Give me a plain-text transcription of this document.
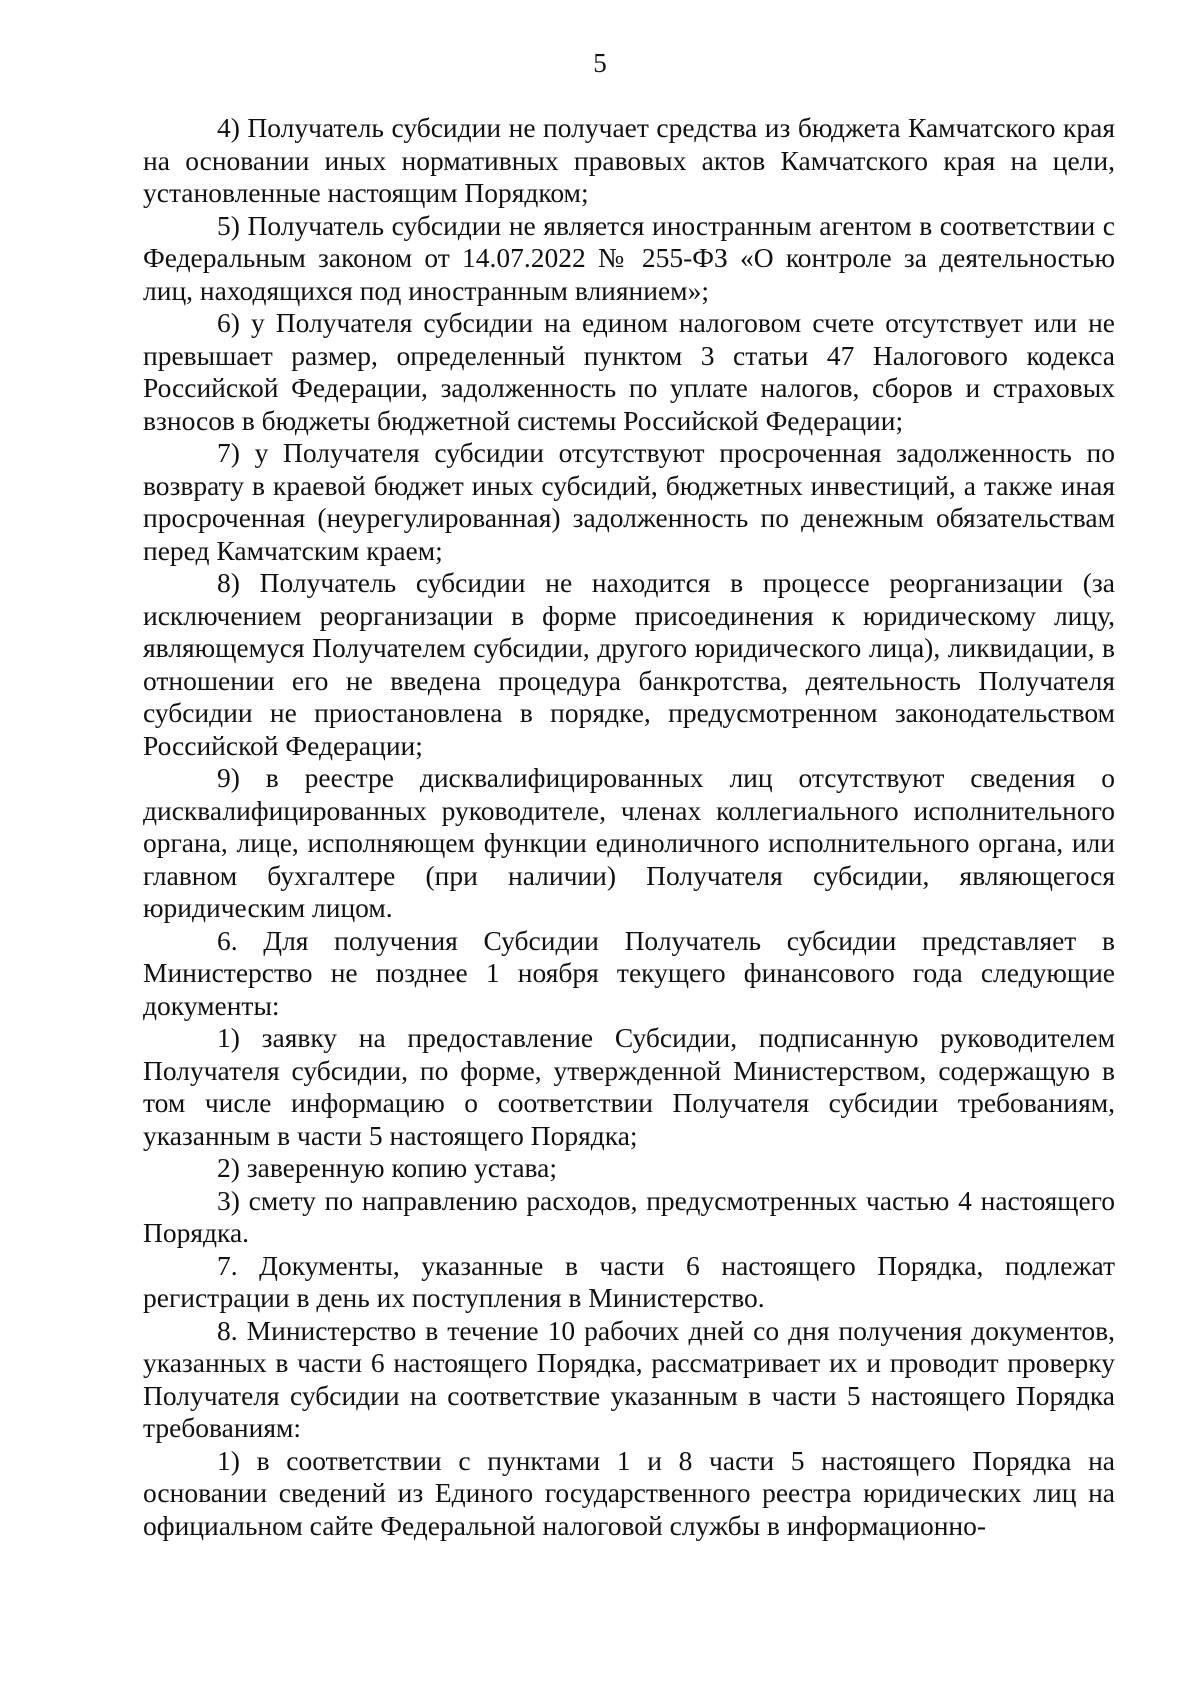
5

4) Получатель субсидии не получает средства из бюджета Камчатского края на основании иных нормативных правовых актов Камчатского края на цели, установленные настоящим Порядком;

5) Получатель субсидии не является иностранным агентом в соответствии с Федеральным законом от 14.07.2022 № 255-ФЗ «О контроле за деятельностью лиц, находящихся под иностранным влиянием»;

6) у Получателя субсидии на едином налоговом счете отсутствует или не превышает размер, определенный пунктом 3 статьи 47 Налогового кодекса Российской Федерации, задолженность по уплате налогов, сборов и страховых взносов в бюджеты бюджетной системы Российской Федерации;

7) у Получателя субсидии отсутствуют просроченная задолженность по возврату в краевой бюджет иных субсидий, бюджетных инвестиций, а также иная просроченная (неурегулированная) задолженность по денежным обязательствам перед Камчатским краем;

8) Получатель субсидии не находится в процессе реорганизации (за исключением реорганизации в форме присоединения к юридическому лицу, являющемуся Получателем субсидии, другого юридического лица), ликвидации, в отношении его не введена процедура банкротства, деятельность Получателя субсидии не приостановлена в порядке, предусмотренном законодательством Российской Федерации;

9) в реестре дисквалифицированных лиц отсутствуют сведения о дисквалифицированных руководителе, членах коллегиального исполнительного органа, лице, исполняющем функции единоличного исполнительного органа, или главном бухгалтере (при наличии) Получателя субсидии, являющегося юридическим лицом.

6. Для получения Субсидии Получатель субсидии представляет в Министерство не позднее 1 ноября текущего финансового года следующие документы:

1) заявку на предоставление Субсидии, подписанную руководителем Получателя субсидии, по форме, утвержденной Министерством, содержащую в том числе информацию о соответствии Получателя субсидии требованиям, указанным в части 5 настоящего Порядка;

2) заверенную копию устава;

3) смету по направлению расходов, предусмотренных частью 4 настоящего Порядка.

7. Документы, указанные в части 6 настоящего Порядка, подлежат регистрации в день их поступления в Министерство.

8. Министерство в течение 10 рабочих дней со дня получения документов, указанных в части 6 настоящего Порядка, рассматривает их и проводит проверку Получателя субсидии на соответствие указанным в части 5 настоящего Порядка требованиям:

1) в соответствии с пунктами 1 и 8 части 5 настоящего Порядка на основании сведений из Единого государственного реестра юридических лиц на официальном сайте Федеральной налоговой службы в информационно-
